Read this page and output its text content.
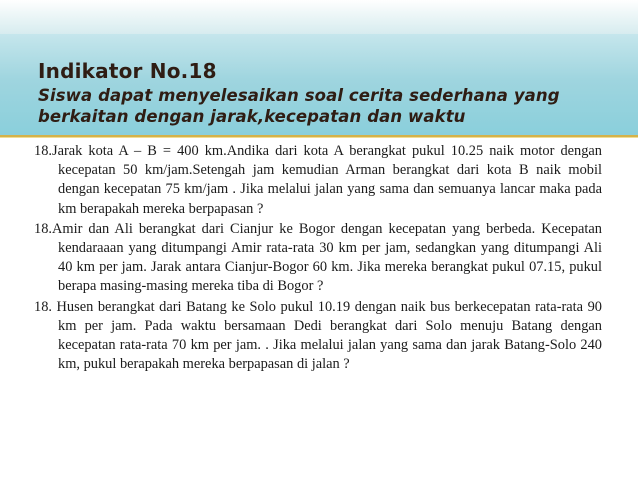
Indikator No.18
Siswa dapat menyelesaikan soal cerita sederhana yang
berkaitan dengan jarak,kecepatan dan waktu

18.Jarak kota A – B = 400 km.Andika dari kota A berangkat pukul 10.25 naik motor dengan kecepatan 50 km/jam.Setengah jam kemudian Arman berangkat dari kota B naik mobil dengan kecepatan 75 km/jam . Jika melalui jalan yang sama dan semuanya lancar maka pada km berapakah mereka berpapasan ?

18.Amir dan Ali berangkat dari Cianjur ke Bogor dengan kecepatan yang berbeda. Kecepatan kendaraaan yang ditumpangi Amir rata-rata 30 km per jam, sedangkan yang ditumpangi Ali 40 km per jam. Jarak antara Cianjur-Bogor 60 km. Jika mereka berangkat pukul 07.15, pukul berapa masing-masing mereka tiba di Bogor ?

18. Husen berangkat dari Batang ke Solo pukul 10.19 dengan naik bus berkecepatan rata-rata 90 km per jam. Pada waktu bersamaan Dedi berangkat dari Solo menuju Batang dengan kecepatan rata-rata 70 km per jam. . Jika melalui jalan yang sama dan jarak Batang-Solo 240 km, pukul berapakah mereka berpapasan di jalan ?
